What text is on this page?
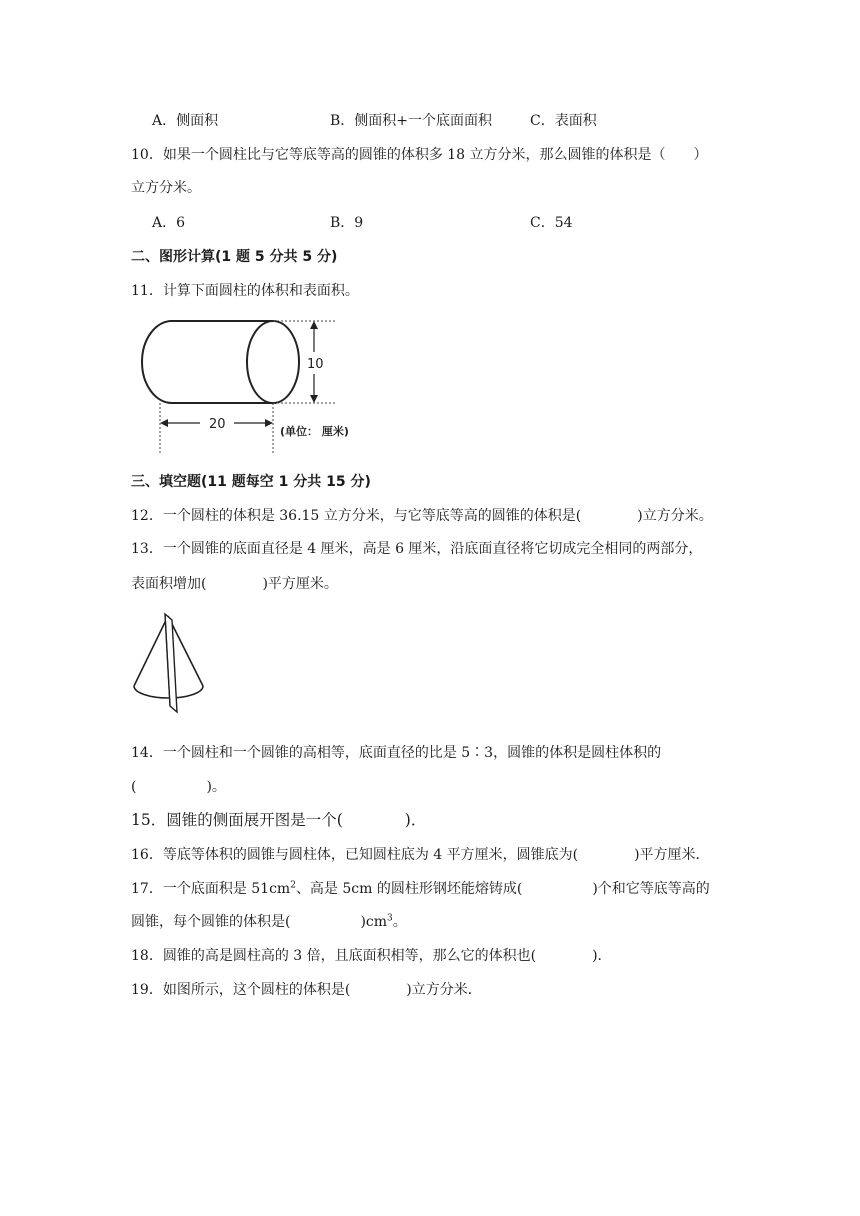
A．侧面积	B．侧面积+一个底面面积	C．表面积
10．如果一个圆柱比与它等底等高的圆锥的体积多 18 立方分米，那么圆锥的体积是（　　）
立方分米。
A．6	B．9	C．54
二、图形计算(1 题 5 分共 5 分)
11．计算下面圆柱的体积和表面积。
10
20	(单位： 厘米)
三、填空题(11 题每空 1 分共 15 分)
12．一个圆柱的体积是 36.15 立方分米，与它等底等高的圆锥的体积是(　　　　)立方分米。
13．一个圆锥的底面直径是 4 厘米，高是 6 厘米，沿底面直径将它切成完全相同的两部分，
表面积增加(　　　　)平方厘米。
14．一个圆柱和一个圆锥的高相等，底面直径的比是 5∶3，圆锥的体积是圆柱体积的
(　　　　　)。
15．圆锥的侧面展开图是一个(　　　　)．
16．等底等体积的圆锥与圆柱体，已知圆柱底为 4 平方厘米，圆锥底为(　　　　)平方厘米．
17．一个底面积是 $51cm^2$、高是 5cm 的圆柱形钢坯能熔铸成(　　　　　)个和它等底等高的
圆锥，每个圆锥的体积是(　　　　　)$cm^3$。
18．圆锥的高是圆柱高的 3 倍，且底面积相等，那么它的体积也(　　　　)．
19．如图所示，这个圆柱的体积是(　　　　)立方分米．
